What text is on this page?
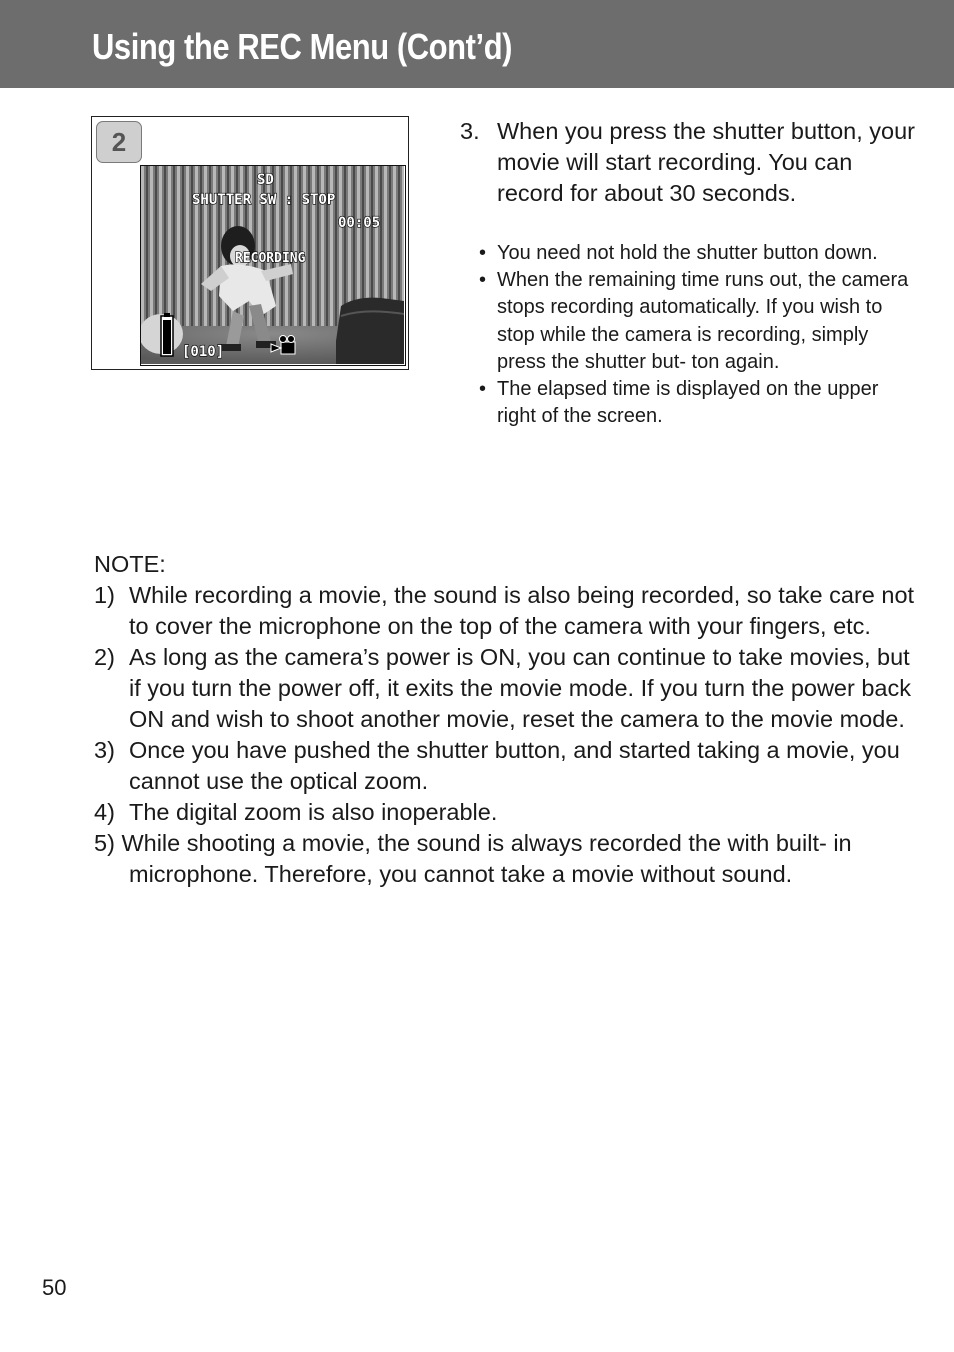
Using the REC Menu (Cont’d)
2
SD
SHUTTER SW : STOP
00:05
RECORDING
[010]
3. When you press the shutter button, your movie will start recording. You can record for about 30 seconds.
• You need not hold the shutter button down.
• When the remaining time runs out, the camera stops recording automatically. If you wish to stop while the camera is recording, simply press the shutter but- ton again.
• The elapsed time is displayed on the upper right of the screen.
NOTE:
1) While recording a movie, the sound is also being recorded, so take care not to cover the microphone on the top of the camera with your fingers, etc.
2) As long as the camera’s power is ON, you can continue to take movies, but if you turn the power off, it exits the movie mode. If you turn the power back ON and wish to shoot another movie, reset the camera to the movie mode.
3) Once you have pushed the shutter button, and started taking a movie, you cannot use the optical zoom.
4) The digital zoom is also inoperable.
5) While shooting a movie, the sound is always recorded the with built- in microphone. Therefore, you cannot take a movie without sound.
50
